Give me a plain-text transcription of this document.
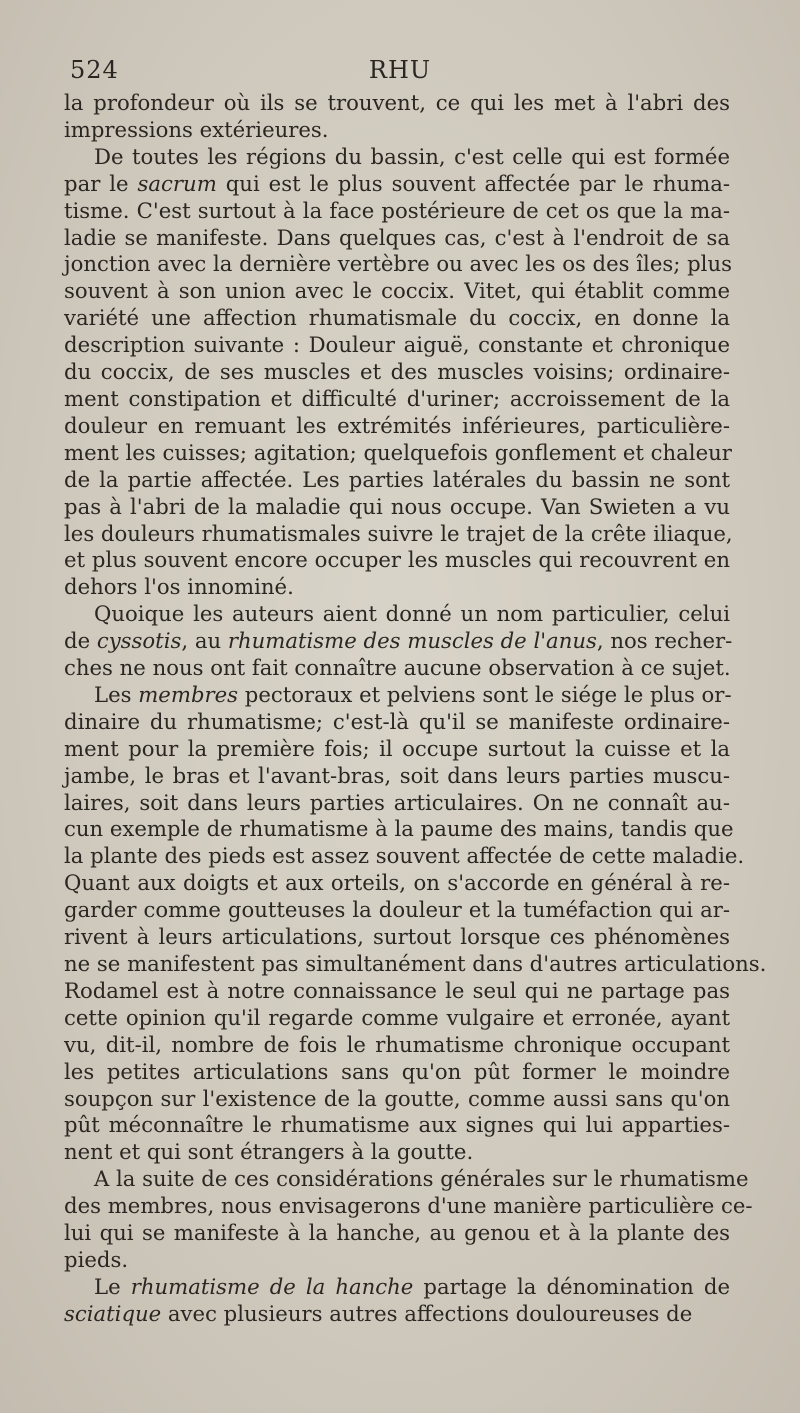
524	RHU
la profondeur où ils se trouvent, ce qui les met à l'abri des
impressions extérieures.
De toutes les régions du bassin, c'est celle qui est formée
par le sacrum qui est le plus souvent affectée par le rhuma-
tisme. C'est surtout à la face postérieure de cet os que la ma-
ladie se manifeste. Dans quelques cas, c'est à l'endroit de sa
jonction avec la dernière vertèbre ou avec les os des îles; plus
souvent à son union avec le coccix. Vitet, qui établit comme
variété une affection rhumatismale du coccix, en donne la
description suivante : Douleur aiguë, constante et chronique
du coccix, de ses muscles et des muscles voisins; ordinaire-
ment constipation et difficulté d'uriner; accroissement de la
douleur en remuant les extrémités inférieures, particulière-
ment les cuisses; agitation; quelquefois gonflement et chaleur
de la partie affectée. Les parties latérales du bassin ne sont
pas à l'abri de la maladie qui nous occupe. Van Swieten a vu
les douleurs rhumatismales suivre le trajet de la crête iliaque,
et plus souvent encore occuper les muscles qui recouvrent en
dehors l'os innominé.
Quoique les auteurs aient donné un nom particulier, celui
de cyssotis, au rhumatisme des muscles de l'anus, nos recher-
ches ne nous ont fait connaître aucune observation à ce sujet.
Les membres pectoraux et pelviens sont le siége le plus or-
dinaire du rhumatisme; c'est-là qu'il se manifeste ordinaire-
ment pour la première fois; il occupe surtout la cuisse et la
jambe, le bras et l'avant-bras, soit dans leurs parties muscu-
laires, soit dans leurs parties articulaires. On ne connaît au-
cun exemple de rhumatisme à la paume des mains, tandis que
la plante des pieds est assez souvent affectée de cette maladie.
Quant aux doigts et aux orteils, on s'accorde en général à re-
garder comme goutteuses la douleur et la tuméfaction qui ar-
rivent à leurs articulations, surtout lorsque ces phénomènes
ne se manifestent pas simultanément dans d'autres articulations.
Rodamel est à notre connaissance le seul qui ne partage pas
cette opinion qu'il regarde comme vulgaire et erronée, ayant
vu, dit-il, nombre de fois le rhumatisme chronique occupant
les petites articulations sans qu'on pût former le moindre
soupçon sur l'existence de la goutte, comme aussi sans qu'on
pût méconnaître le rhumatisme aux signes qui lui apparties-
nent et qui sont étrangers à la goutte.
A la suite de ces considérations générales sur le rhumatisme
des membres, nous envisagerons d'une manière particulière ce-
lui qui se manifeste à la hanche, au genou et à la plante des
pieds.
Le rhumatisme de la hanche partage la dénomination de
sciatique avec plusieurs autres affections douloureuses de
